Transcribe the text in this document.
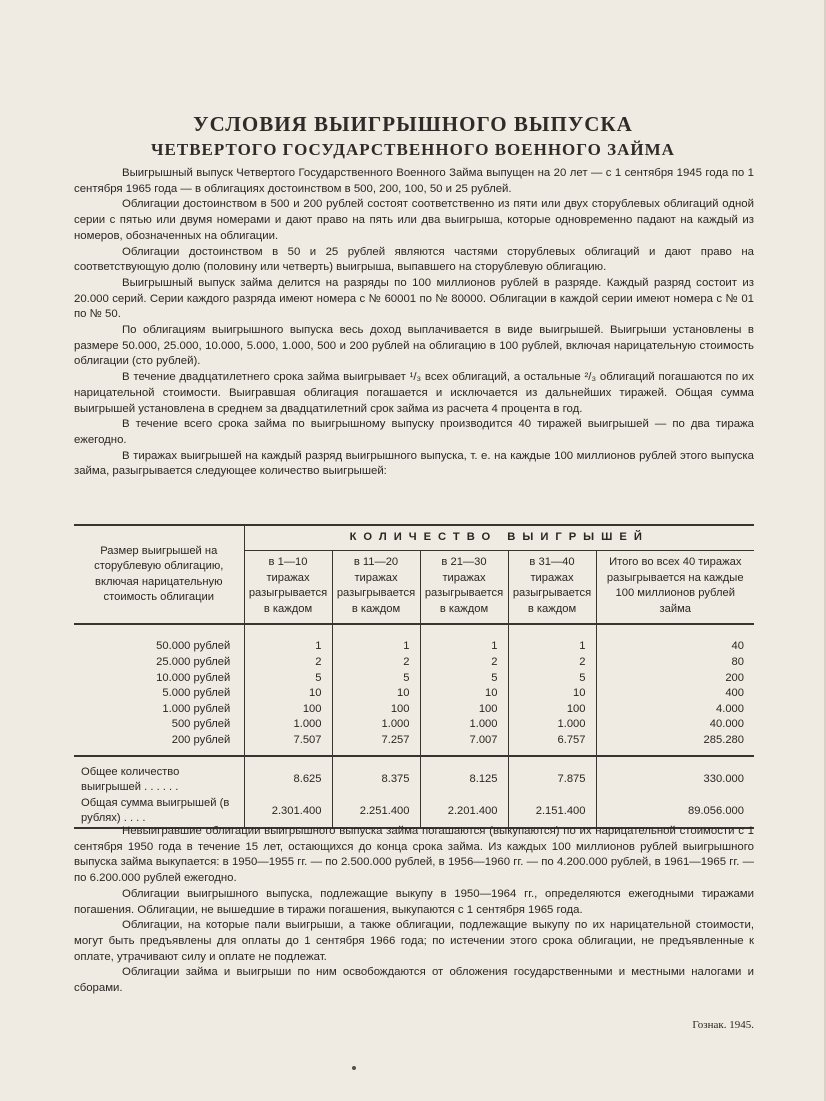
УСЛОВИЯ ВЫИГРЫШНОГО ВЫПУСКА
ЧЕТВЕРТОГО ГОСУДАРСТВЕННОГО ВОЕННОГО ЗАЙМА

Выигрышный выпуск Четвертого Государственного Военного Займа выпущен на 20 лет — с 1 сентября 1945 года по 1 сентября 1965 года — в облигациях достоинством в 500, 200, 100, 50 и 25 рублей.

Облигации достоинством в 500 и 200 рублей состоят соответственно из пяти или двух сторублевых облигаций одной серии с пятью или двумя номерами и дают право на пять или два выигрыша, которые одновременно падают на каждый из номеров, обозначенных на облигации.

Облигации достоинством в 50 и 25 рублей являются частями сторублевых облигаций и дают право на соответствующую долю (половину или четверть) выигрыша, выпавшего на сторублевую облигацию.

Выигрышный выпуск займа делится на разряды по 100 миллионов рублей в разряде. Каждый разряд состоит из 20.000 серий. Серии каждого разряда имеют номера с № 60001 по № 80000. Облигации в каждой серии имеют номера с № 01 по № 50.

По облигациям выигрышного выпуска весь доход выплачивается в виде выигрышей. Выигрыши установлены в размере 50.000, 25.000, 10.000, 5.000, 1.000, 500 и 200 рублей на облигацию в 100 рублей, включая нарицательную стоимость облигации (сто рублей).

В течение двадцатилетнего срока займа выигрывает ¹/₃ всех облигаций, а остальные ²/₃ облигаций погашаются по их нарицательной стоимости. Выигравшая облигация погашается и исключается из дальнейших тиражей. Общая сумма выигрышей установлена в среднем за двадцатилетний срок займа из расчета 4 процента в год.

В течение всего срока займа по выигрышному выпуску производится 40 тиражей выигрышей — по два тиража ежегодно.

В тиражах выигрышей на каждый разряд выигрышного выпуска, т. е. на каждые 100 миллионов рублей этого выпуска займа, разыгрывается следующее количество выигрышей:

Размер выигрышей на сторублевую облигацию, включая нарицательную стоимость облигации	КОЛИЧЕСТВО ВЫИГРЫШЕЙ				
	в 1—10 тиражах разыгрывается в каждом	в 11—20 тиражах разыгрывается в каждом	в 21—30 тиражах разыгрывается в каждом	в 31—40 тиражах разыгрывается в каждом	Итого во всех 40 тиражах разыгрывается на каждые 100 миллионов рублей займа
50.000 рублей	1	1	1	1	40
25.000 рублей	2	2	2	2	80
10.000 рублей	5	5	5	5	200
5.000 рублей	10	10	10	10	400
1.000 рублей	100	100	100	100	4.000
500 рублей	1.000	1.000	1.000	1.000	40.000
200 рублей	7.507	7.257	7.007	6.757	285.280
Общее количество выигрышей . . . . . .	8.625	8.375	8.125	7.875	330.000
Общая сумма выигрышей (в рублях) . . . .	2.301.400	2.251.400	2.201.400	2.151.400	89.056.000

Невыигравшие облигации выигрышного выпуска займа погашаются (выкупаются) по их нарицательной стоимости с 1 сентября 1950 года в течение 15 лет, остающихся до конца срока займа. Из каждых 100 миллионов рублей выигрышного выпуска займа выкупается: в 1950—1955 гг. — по 2.500.000 рублей, в 1956—1960 гг. — по 4.200.000 рублей, в 1961—1965 гг. — по 6.200.000 рублей ежегодно.

Облигации выигрышного выпуска, подлежащие выкупу в 1950—1964 гг., определяются ежегодными тиражами погашения. Облигации, не вышедшие в тиражи погашения, выкупаются с 1 сентября 1965 года.

Облигации, на которые пали выигрыши, а также облигации, подлежащие выкупу по их нарицательной стоимости, могут быть предъявлены для оплаты до 1 сентября 1966 года; по истечении этого срока облигации, не предъявленные к оплате, утрачивают силу и оплате не подлежат.

Облигации займа и выигрыши по ним освобождаются от обложения государственными и местными налогами и сборами.

Гознак. 1945.
